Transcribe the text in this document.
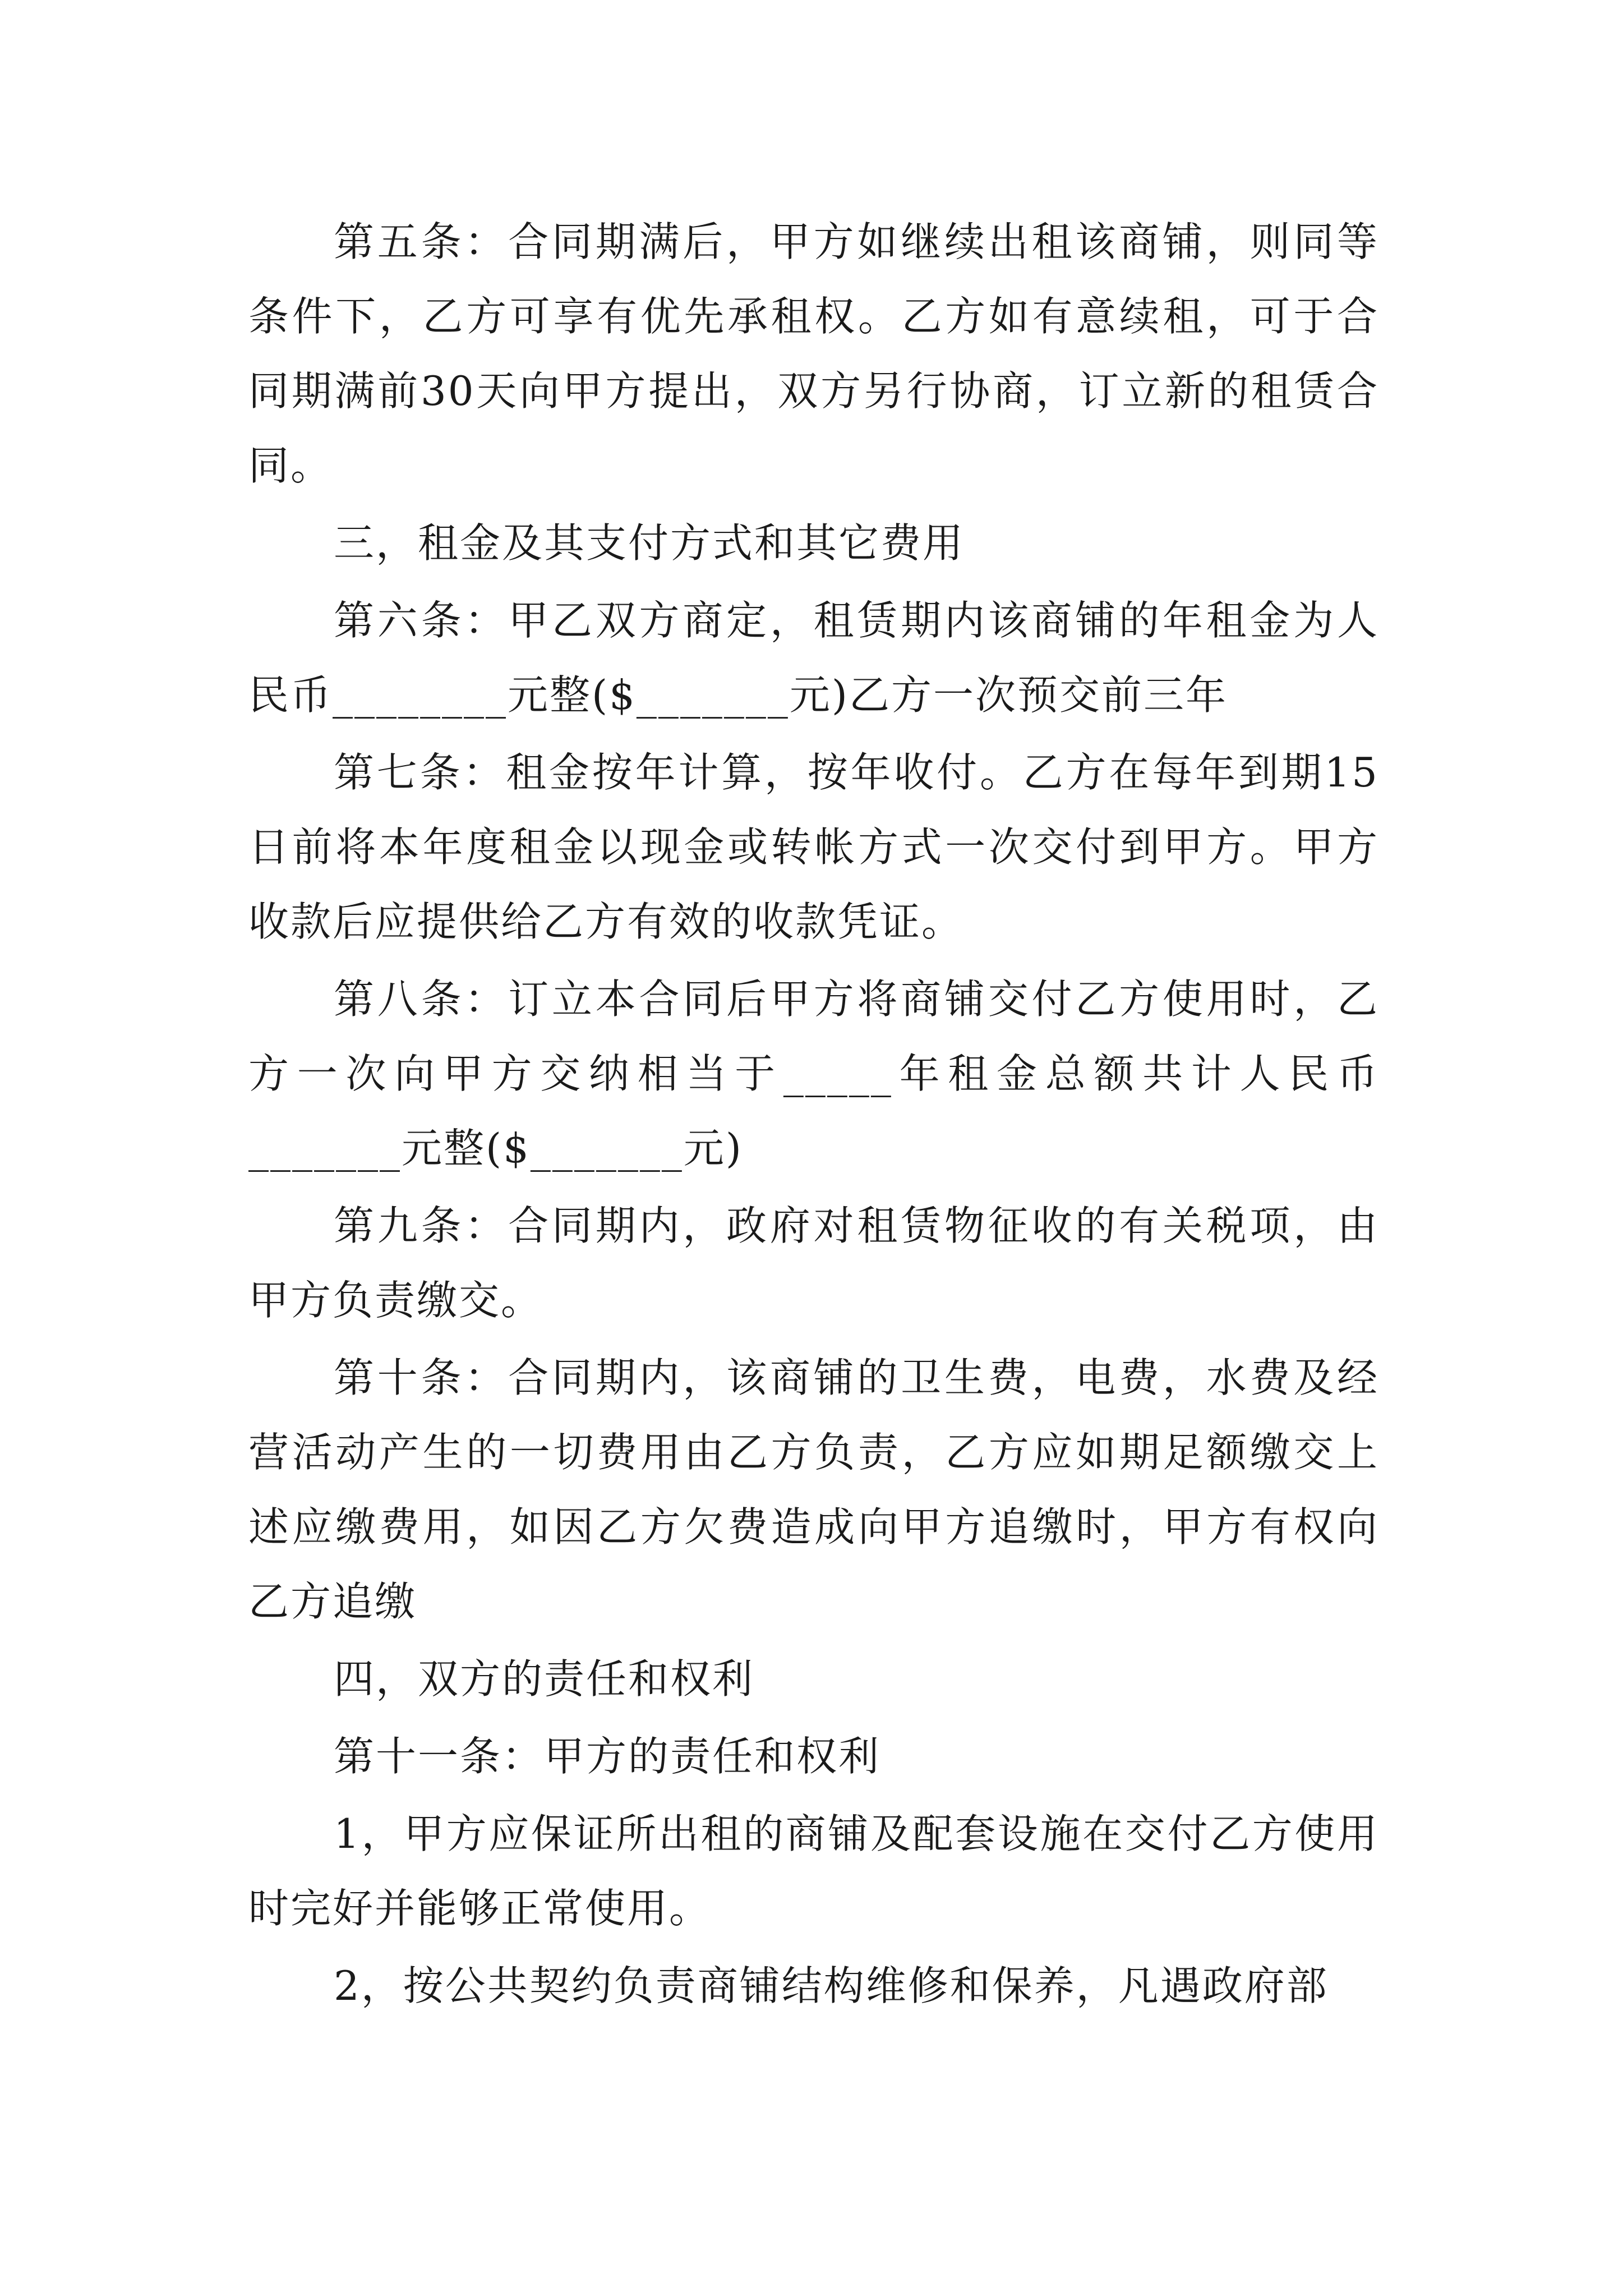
第五条：合同期满后，甲方如继续出租该商铺，则同等条件下，乙方可享有优先承租权。乙方如有意续租，可于合同期满前30天向甲方提出，双方另行协商，订立新的租赁合同。

三，租金及其支付方式和其它费用

第六条：甲乙双方商定，租赁期内该商铺的年租金为人民币________元整($_______元)乙方一次预交前三年

第七条：租金按年计算，按年收付。乙方在每年到期15日前将本年度租金以现金或转帐方式一次交付到甲方。甲方收款后应提供给乙方有效的收款凭证。

第八条：订立本合同后甲方将商铺交付乙方使用时，乙方一次向甲方交纳相当于_____年租金总额共计人民币_______元整($_______元)

第九条：合同期内，政府对租赁物征收的有关税项，由甲方负责缴交。

第十条：合同期内，该商铺的卫生费，电费，水费及经营活动产生的一切费用由乙方负责，乙方应如期足额缴交上述应缴费用，如因乙方欠费造成向甲方追缴时，甲方有权向乙方追缴

四，双方的责任和权利

第十一条：甲方的责任和权利

1，甲方应保证所出租的商铺及配套设施在交付乙方使用时完好并能够正常使用。

2，按公共契约负责商铺结构维修和保养，凡遇政府部
